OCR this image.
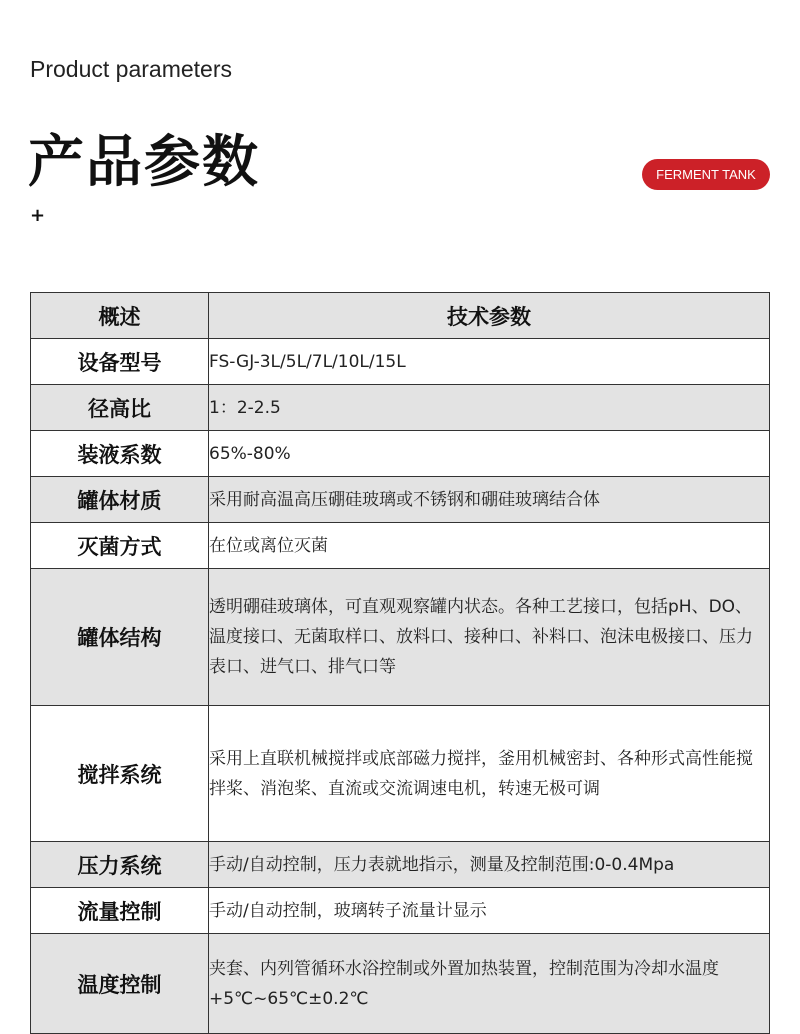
Product parameters
产品参数	FERMENT TANK
+
概述	技术参数
设备型号	FS-GJ-3L/5L/7L/10L/15L
径高比	1：2-2.5
装液系数	65%-80%
罐体材质	采用耐高温高压硼硅玻璃或不锈钢和硼硅玻璃结合体
灭菌方式	在位或离位灭菌
罐体结构	透明硼硅玻璃体，可直观观察罐内状态。各种工艺接口，包括pH、DO、温度接口、无菌取样口、放料口、接种口、补料口、泡沫电极接口、压力表口、进气口、排气口等
搅拌系统	采用上直联机械搅拌或底部磁力搅拌，釜用机械密封、各种形式高性能搅拌桨、消泡桨、直流或交流调速电机，转速无极可调
压力系统	手动/自动控制，压力表就地指示，测量及控制范围:0-0.4Mpa
流量控制	手动/自动控制，玻璃转子流量计显示
温度控制	夹套、内列管循环水浴控制或外置加热装置，控制范围为冷却水温度+5℃~65℃±0.2℃
